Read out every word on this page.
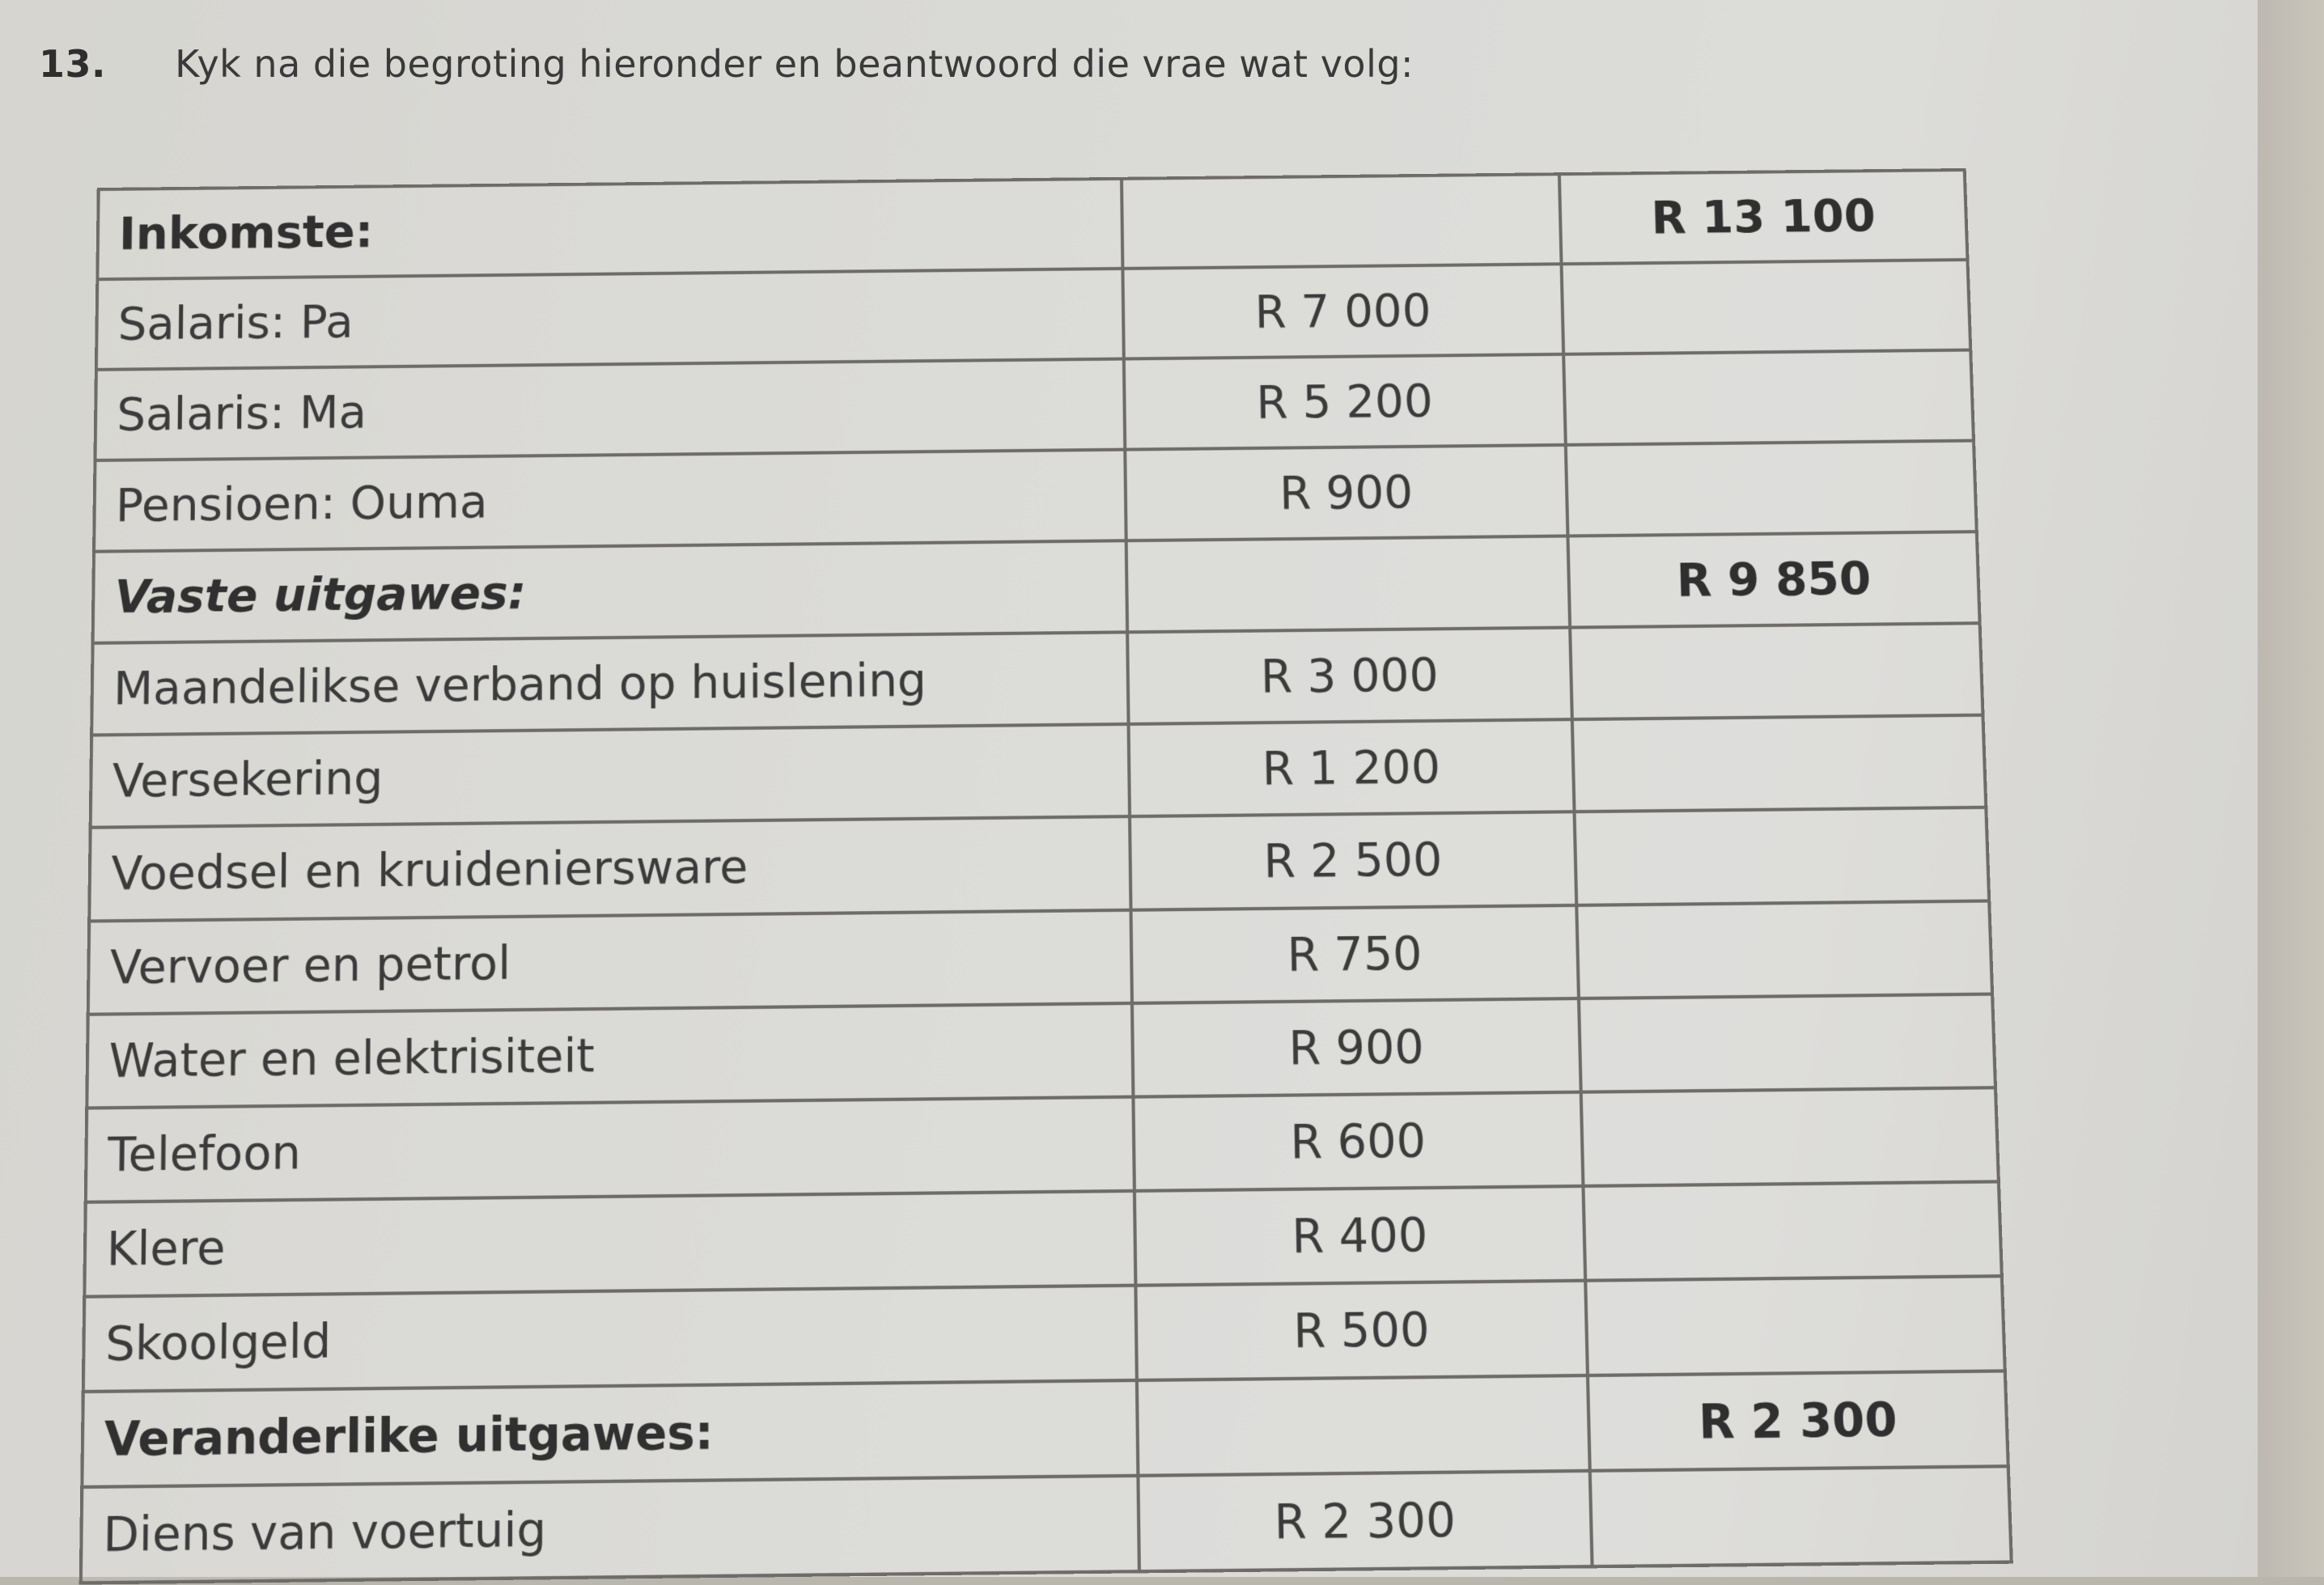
13. Kyk na die begroting hieronder en beantwoord die vrae wat volg:
Inkomste:		R 13 100
Salaris: Pa	R 7 000	
Salaris: Ma	R 5 200	
Pensioen: Ouma	R 900	
Vaste uitgawes:		R 9 850
Maandelikse verband op huislening	R 3 000	
Versekering	R 1 200	
Voedsel en kruideniersware	R 2 500	
Vervoer en petrol	R 750	
Water en elektrisiteit	R 900	
Telefoon	R 600	
Klere	R 400	
Skoolgeld	R 500	
Veranderlike uitgawes:		R 2 300
Diens van voertuig	R 2 300	
